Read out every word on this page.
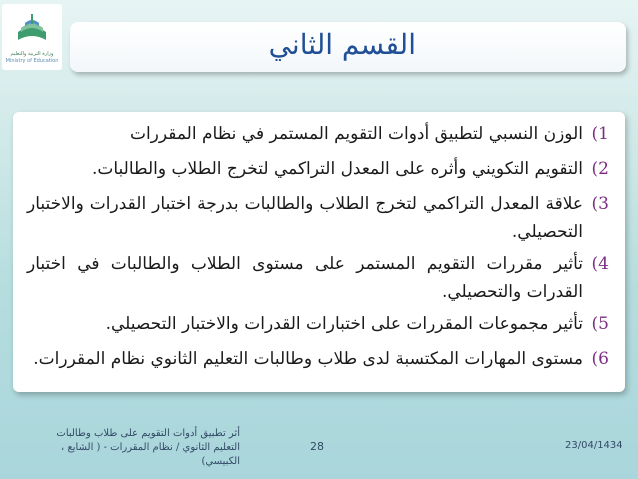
وزارة التربية والتعليم
Ministry of Education	القسم الثاني
1)
الوزن النسبي لتطبيق أدوات التقويم المستمر في نظام المقررات
2)
التقويم التكويني وأثره على المعدل التراكمي لتخرج الطلاب والطالبات.
3)
علاقة المعدل التراكمي لتخرج الطلاب والطالبات بدرجة اختبار القدرات والاختبار التحصيلي.
4)
تأثير مقررات التقويم المستمر على مستوى الطلاب والطالبات في اختبار القدرات والتحصيلي.
5)
تأثير مجموعات المقررات على اختبارات القدرات والاختبار التحصيلي.
6)
مستوى المهارات المكتسبة لدى طلاب وطالبات التعليم الثانوي نظام المقررات.
أثر تطبيق أدوات التقويم على طلاب وطالبات التعليم الثانوي / نظام المقررات - ( الشايع ، الكبيسي)
28	23/04/1434
